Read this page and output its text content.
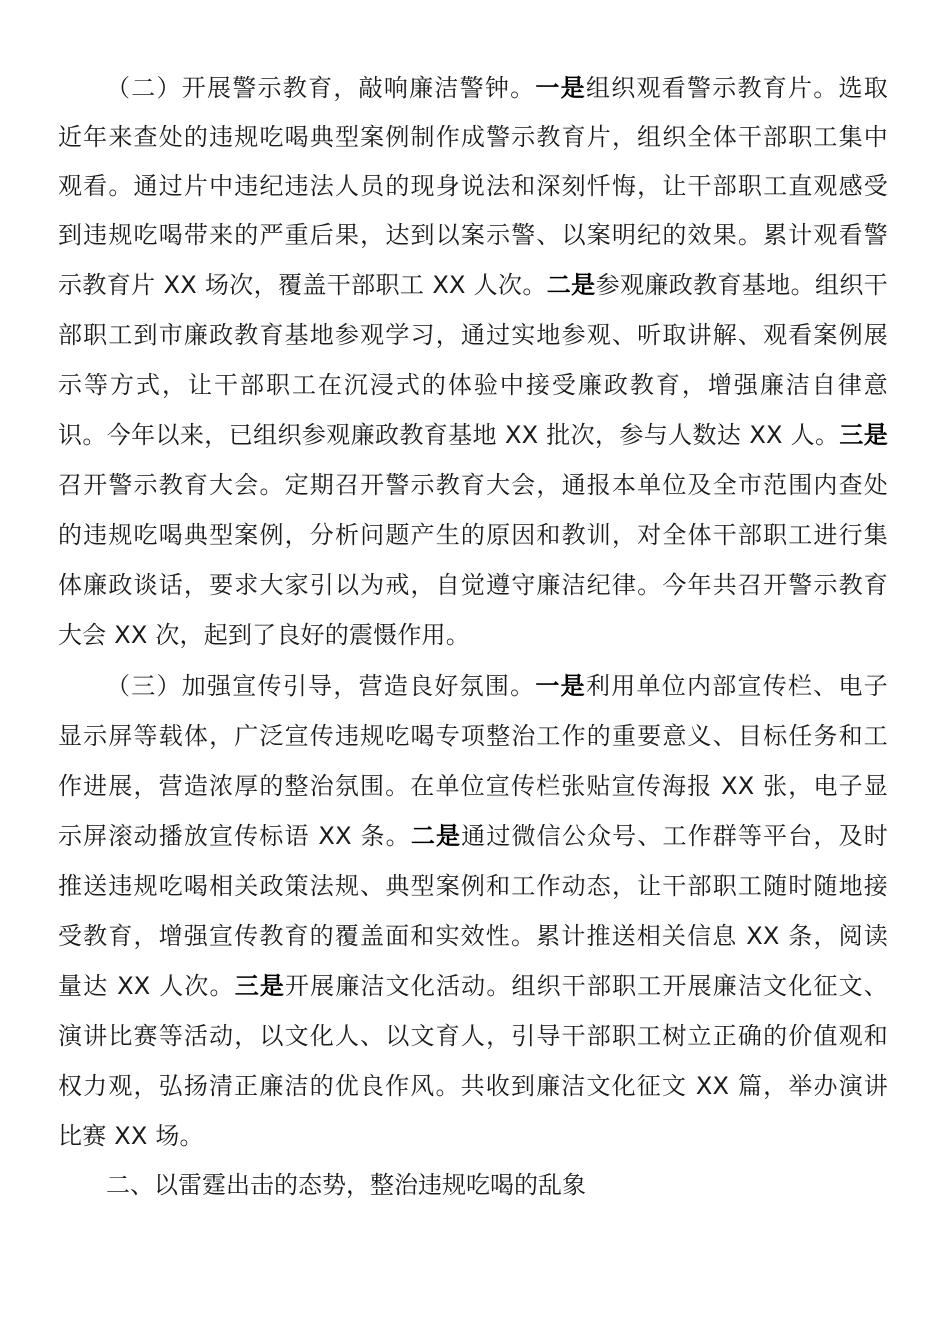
（二）开展警示教育，敲响廉洁警钟。一是组织观看警示教育片。选取
近年来查处的违规吃喝典型案例制作成警示教育片，组织全体干部职工集中
观看。通过片中违纪违法人员的现身说法和深刻忏悔，让干部职工直观感受
到违规吃喝带来的严重后果，达到以案示警、以案明纪的效果。累计观看警
示教育片 XX 场次，覆盖干部职工 XX 人次。二是参观廉政教育基地。组织干
部职工到市廉政教育基地参观学习，通过实地参观、听取讲解、观看案例展
示等方式，让干部职工在沉浸式的体验中接受廉政教育，增强廉洁自律意
识。今年以来，已组织参观廉政教育基地 XX 批次，参与人数达 XX 人。三是
召开警示教育大会。定期召开警示教育大会，通报本单位及全市范围内查处
的违规吃喝典型案例，分析问题产生的原因和教训，对全体干部职工进行集
体廉政谈话，要求大家引以为戒，自觉遵守廉洁纪律。今年共召开警示教育
大会 XX 次，起到了良好的震慑作用。
（三）加强宣传引导，营造良好氛围。一是利用单位内部宣传栏、电子
显示屏等载体，广泛宣传违规吃喝专项整治工作的重要意义、目标任务和工
作进展，营造浓厚的整治氛围。在单位宣传栏张贴宣传海报 XX 张，电子显
示屏滚动播放宣传标语 XX 条。二是通过微信公众号、工作群等平台，及时
推送违规吃喝相关政策法规、典型案例和工作动态，让干部职工随时随地接
受教育，增强宣传教育的覆盖面和实效性。累计推送相关信息 XX 条，阅读
量达 XX 人次。三是开展廉洁文化活动。组织干部职工开展廉洁文化征文、
演讲比赛等活动，以文化人、以文育人，引导干部职工树立正确的价值观和
权力观，弘扬清正廉洁的优良作风。共收到廉洁文化征文 XX 篇，举办演讲
比赛 XX 场。
二、以雷霆出击的态势，整治违规吃喝的乱象
